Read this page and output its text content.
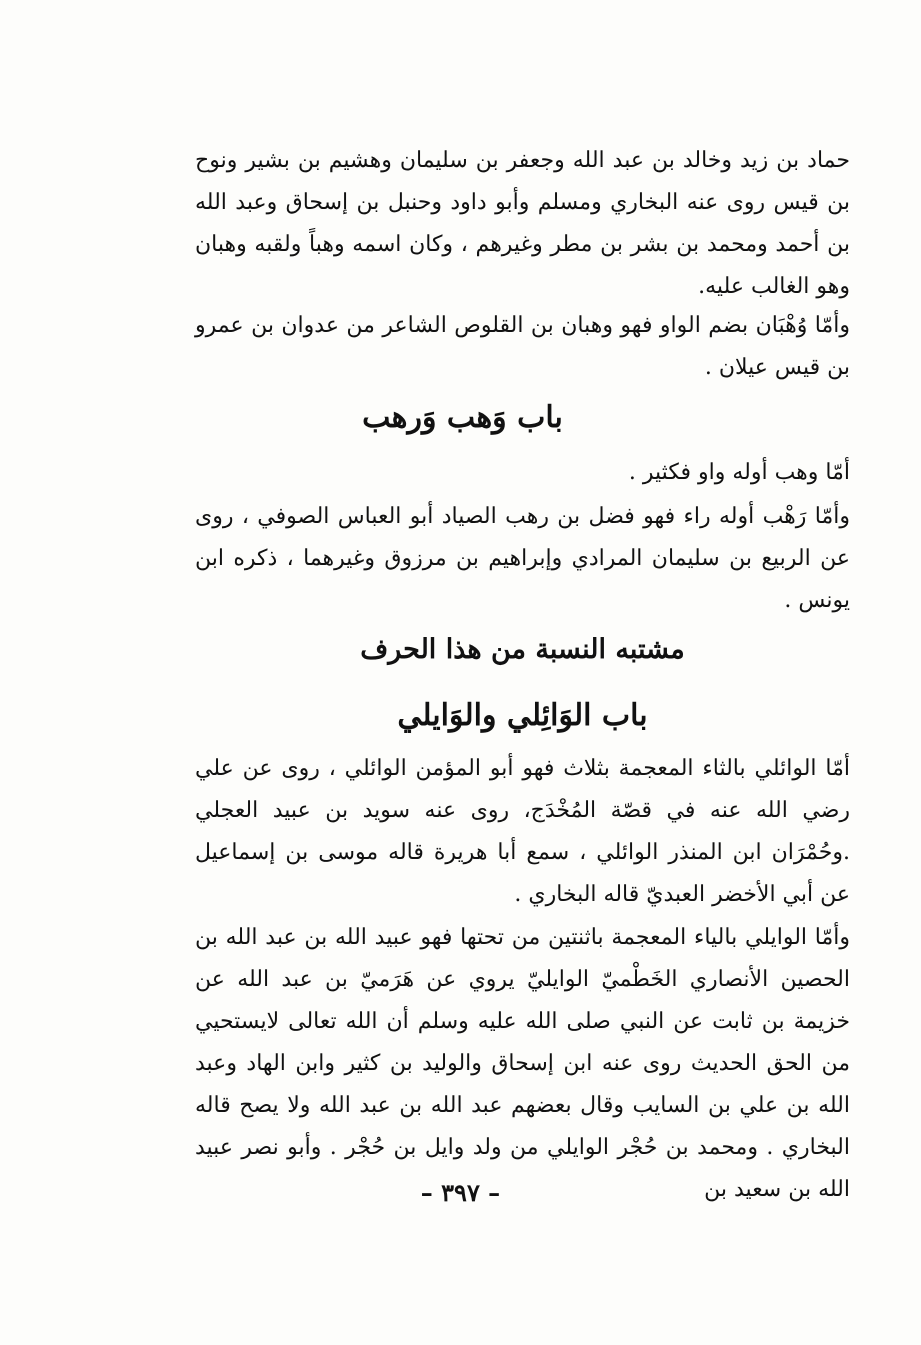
حماد بن زيد وخالد بن عبد الله وجعفر بن سليمان وهشيم بن بشير ونوح بن قيس روى عنه البخاري ومسلم وأبو داود وحنبل بن إسحاق وعبد الله بن أحمد ومحمد بن بشر بن مطر وغيرهم ، وكان اسمه وهباً ولقبه وهبان وهو الغالب عليه.

وأمّا وُهْبَان بضم الواو فهو وهبان بن القلوص الشاعر من عدوان بن عمرو بن قيس عيلان .

باب وَهب وَرهب

أمّا وهب أوله واو فكثير .

وأمّا رَهْب أوله راء فهو فضل بن رهب الصياد أبو العباس الصوفي ، روى عن الربيع بن سليمان المرادي وإبراهيم بن مرزوق وغيرهما ، ذكره ابن يونس .

مشتبه النسبة من هذا الحرف
باب الوَائِلي والوَايلي

أمّا الوائلي بالثاء المعجمة بثلاث فهو أبو المؤمن الوائلي ، روى عن علي رضي الله عنه في قصّة المُخْدَج، روى عنه سويد بن عبيد العجلي .وحُمْرَان ابن المنذر الوائلي ، سمع أبا هريرة قاله موسى بن إسماعيل عن أبي الأخضر العبديّ قاله البخاري .

وأمّا الوايلي بالياء المعجمة باثنتين من تحتها فهو عبيد الله بن عبد الله بن الحصين الأنصاري الخَطْميّ الوايليّ يروي عن هَرَميّ بن عبد الله عن خزيمة بن ثابت عن النبي صلى الله عليه وسلم أن الله تعالى لايستحيي من الحق الحديث روى عنه ابن إسحاق والوليد بن كثير وابن الهاد وعبد الله بن علي بن السايب وقال بعضهم عبد الله بن عبد الله ولا يصح قاله البخاري . ومحمد بن حُجْر الوايلي من ولد وايل بن حُجْر . وأبو نصر عبيد الله بن سعيد بن

– ٣٩٧ –
